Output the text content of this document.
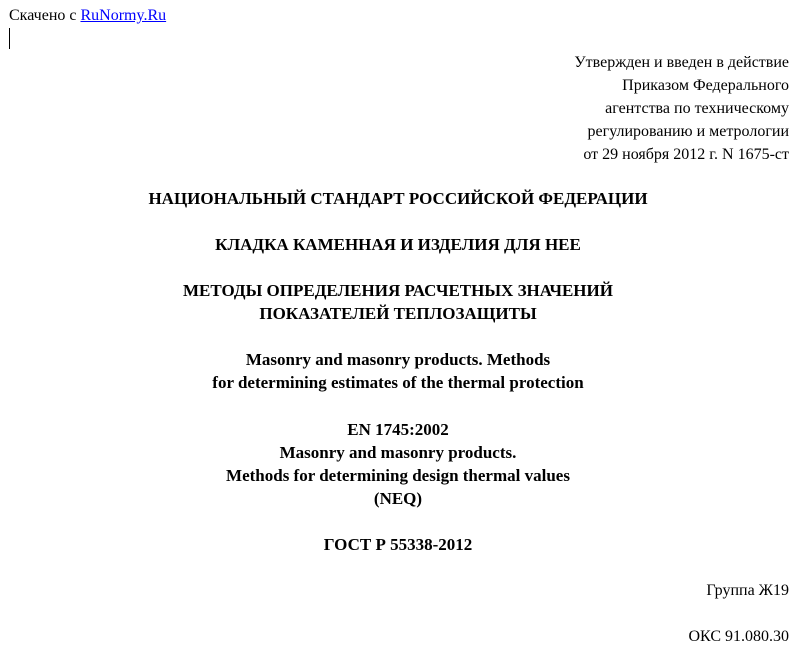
Скачено с RuNormy.Ru
Утвержден и введен в действие
Приказом Федерального
агентства по техническому
регулированию и метрологии
от 29 ноября 2012 г. N 1675-ст
НАЦИОНАЛЬНЫЙ СТАНДАРТ РОССИЙСКОЙ ФЕДЕРАЦИИ
КЛАДКА КАМЕННАЯ И ИЗДЕЛИЯ ДЛЯ НЕЕ
МЕТОДЫ ОПРЕДЕЛЕНИЯ РАСЧЕТНЫХ ЗНАЧЕНИЙ
ПОКАЗАТЕЛЕЙ ТЕПЛОЗАЩИТЫ
Masonry and masonry products. Methods
for determining estimates of the thermal protection
EN 1745:2002
Masonry and masonry products.
Methods for determining design thermal values
(NEQ)
ГОСТ Р 55338-2012
Группа Ж19
ОКС 91.080.30
